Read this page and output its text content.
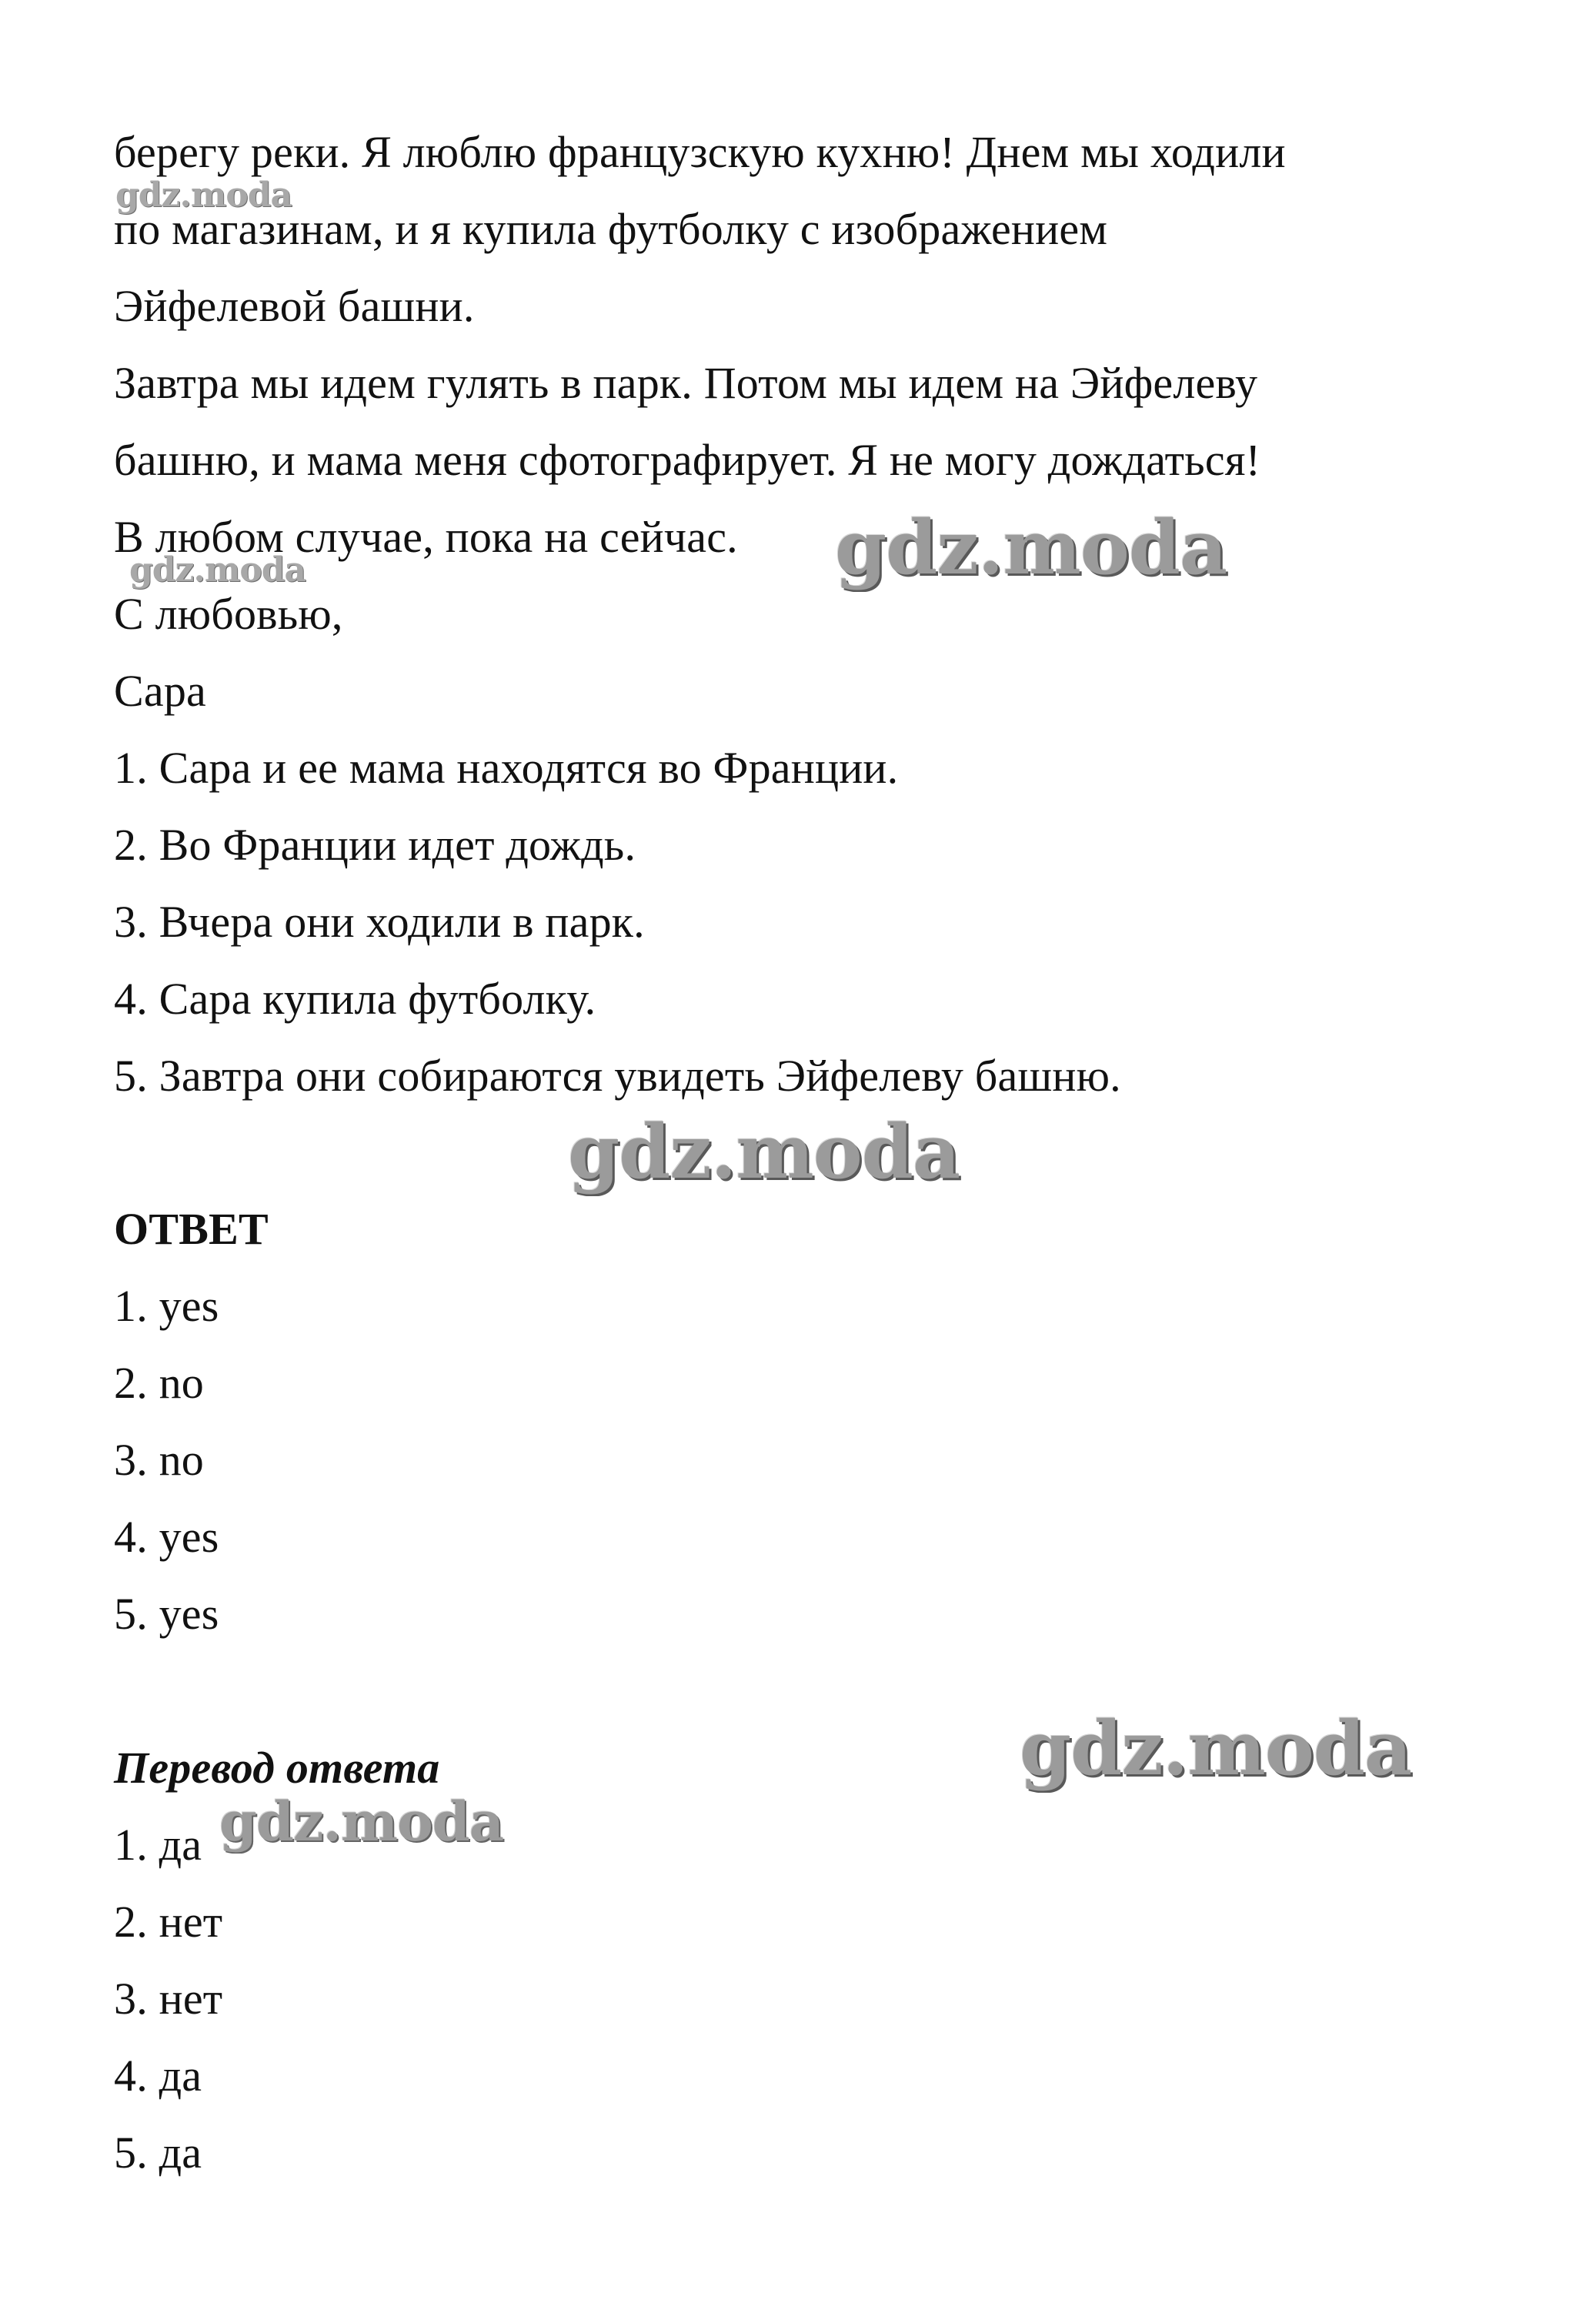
берегу реки. Я люблю французскую кухню! Днем мы ходили
по магазинам, и я купила футболку с изображением
Эйфелевой башни.
Завтра мы идем гулять в парк. Потом мы идем на Эйфелеву
башню, и мама меня сфотографирует. Я не могу дождаться!
В любом случае, пока на сейчас.
С любовью,
Сара
1. Сара и ее мама находятся во Франции.
2. Во Франции идет дождь.
3. Вчера они ходили в парк.
4. Сара купила футболку.
5. Завтра они собираются увидеть Эйфелеву башню.
ОТВЕТ
1. yes
2. no
3. no
4. yes
5. yes
Перевод ответа
1. да
2. нет
3. нет
4. да
5. да
gdz.moda
gdz.moda	gdz.moda
gdz.moda
gdz.moda
gdz.moda
